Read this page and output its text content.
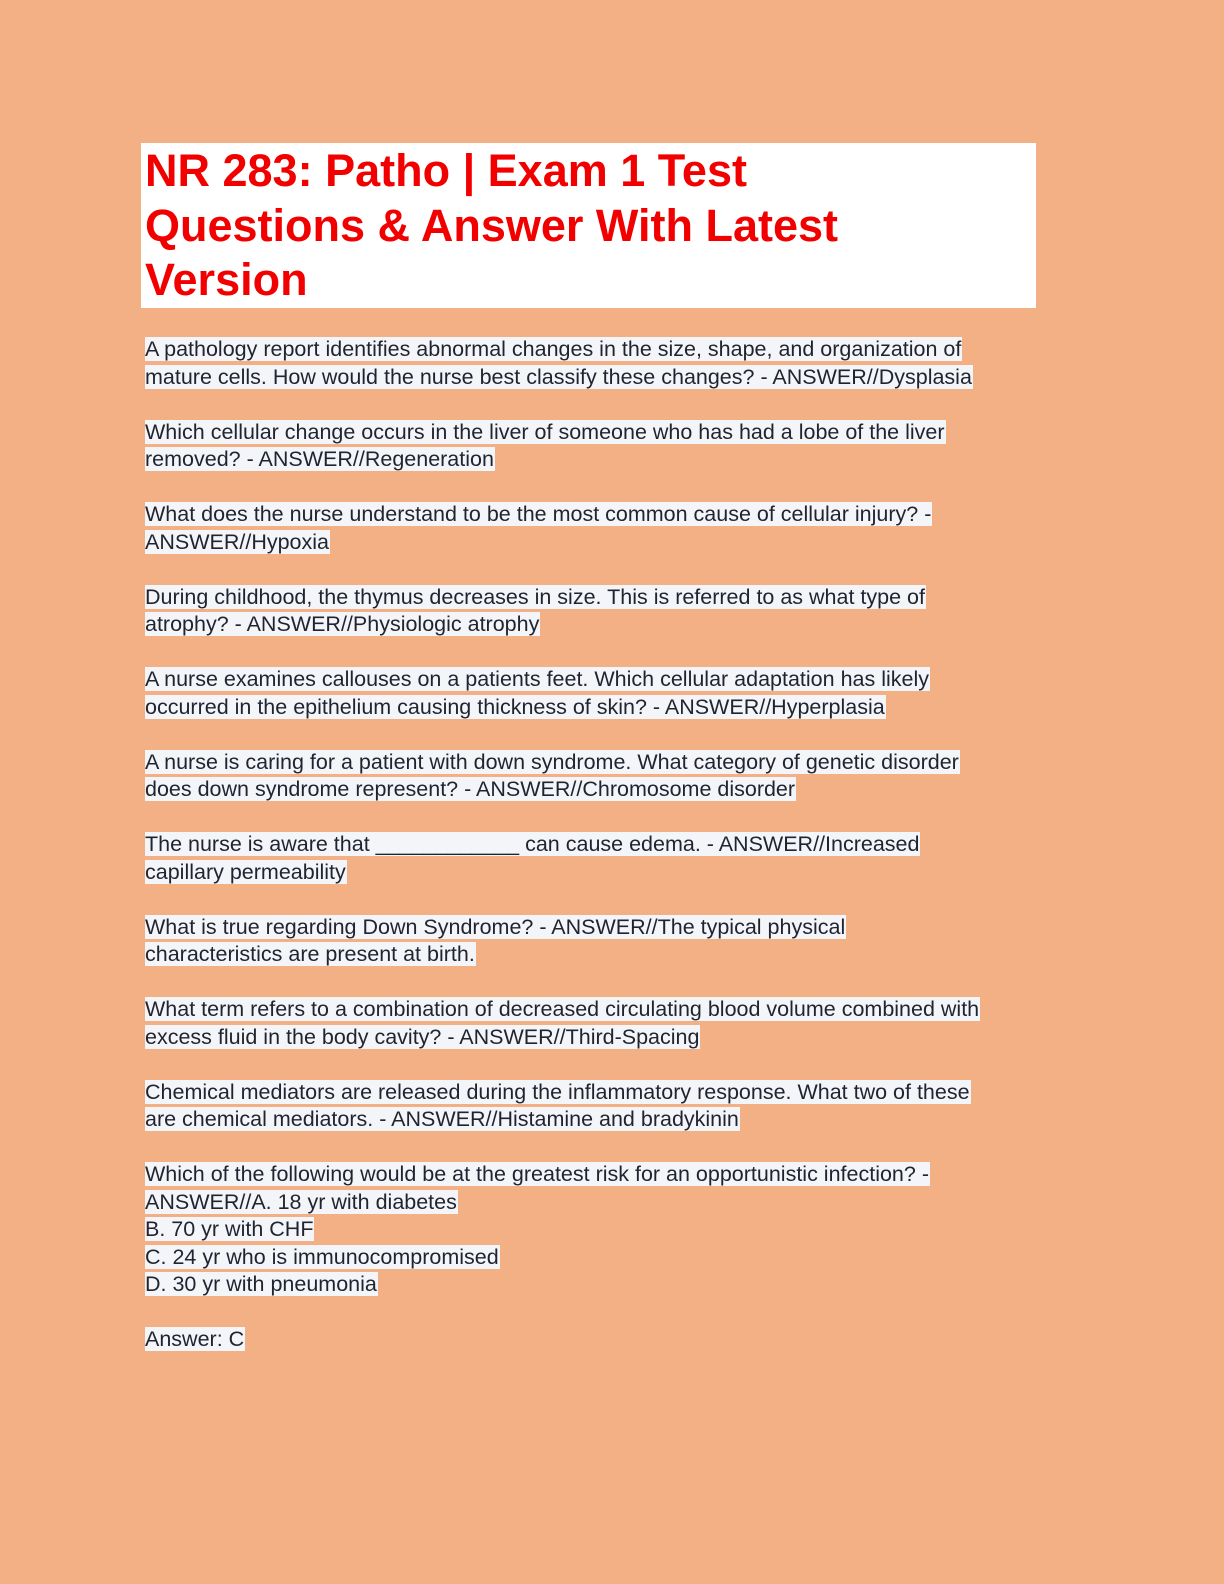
NR 283: Patho | Exam 1 Test
Questions & Answer With Latest
Version
A pathology report identifies abnormal changes in the size, shape, and organization of
mature cells. How would the nurse best classify these changes? - ANSWER//Dysplasia
Which cellular change occurs in the liver of someone who has had a lobe of the liver
removed? - ANSWER//Regeneration
What does the nurse understand to be the most common cause of cellular injury? -
ANSWER//Hypoxia
During childhood, the thymus decreases in size. This is referred to as what type of
atrophy? - ANSWER//Physiologic atrophy
A nurse examines callouses on a patients feet. Which cellular adaptation has likely
occurred in the epithelium causing thickness of skin? - ANSWER//Hyperplasia
A nurse is caring for a patient with down syndrome. What category of genetic disorder
does down syndrome represent? - ANSWER//Chromosome disorder
The nurse is aware that ____________ can cause edema. - ANSWER//Increased
capillary permeability
What is true regarding Down Syndrome? - ANSWER//The typical physical
characteristics are present at birth.
What term refers to a combination of decreased circulating blood volume combined with
excess fluid in the body cavity? - ANSWER//Third-Spacing
Chemical mediators are released during the inflammatory response. What two of these
are chemical mediators. - ANSWER//Histamine and bradykinin
Which of the following would be at the greatest risk for an opportunistic infection? -
ANSWER//A. 18 yr with diabetes
B. 70 yr with CHF
C. 24 yr who is immunocompromised
D. 30 yr with pneumonia
Answer: C
